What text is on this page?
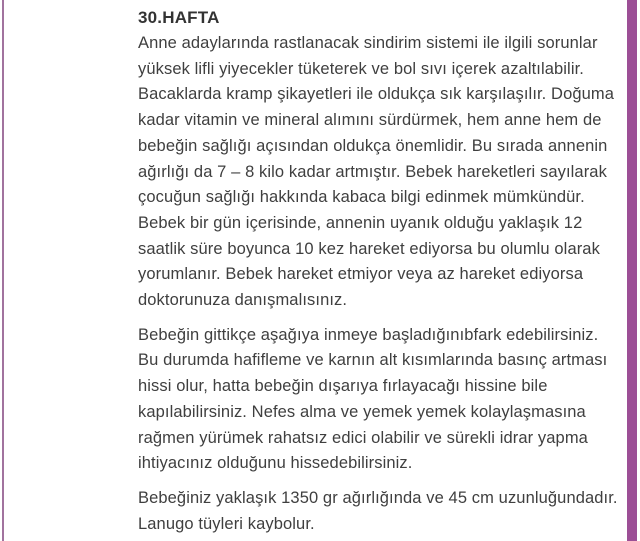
30.HAFTA
Anne adaylarında rastlanacak sindirim sistemi ile ilgili sorunlar
yüksek lifli yiyecekler tüketerek ve bol sıvı içerek azaltılabilir.
Bacaklarda kramp şikayetleri ile oldukça sık karşılaşılır. Doğuma
kadar vitamin ve mineral alımını sürdürmek, hem anne hem de
bebeğin sağlığı açısından oldukça önemlidir. Bu sırada annenin
ağırlığı da 7 – 8 kilo kadar artmıştır. Bebek hareketleri sayılarak
çocuğun sağlığı hakkında kabaca bilgi edinmek mümkündür.
Bebek bir gün içerisinde, annenin uyanık olduğu yaklaşık 12
saatlik süre boyunca 10 kez hareket ediyorsa bu olumlu olarak
yorumlanır. Bebek hareket etmiyor veya az hareket ediyorsa
doktorunuza danışmalısınız.
Bebeğin gittikçe aşağıya inmeye başladığınıbfark edebilirsiniz.
Bu durumda hafifleme ve karnın alt kısımlarında basınç artması
hissi olur, hatta bebeğin dışarıya fırlayacağı hissine bile
kapılabilirsiniz. Nefes alma ve yemek yemek kolaylaşmasına
rağmen yürümek rahatsız edici olabilir ve sürekli idrar yapma
ihtiyacınız olduğunu hissedebilirsiniz.
Bebeğiniz yaklaşık 1350 gr ağırlığında ve 45 cm uzunluğundadır.
Lanugo tüyleri kaybolur.
